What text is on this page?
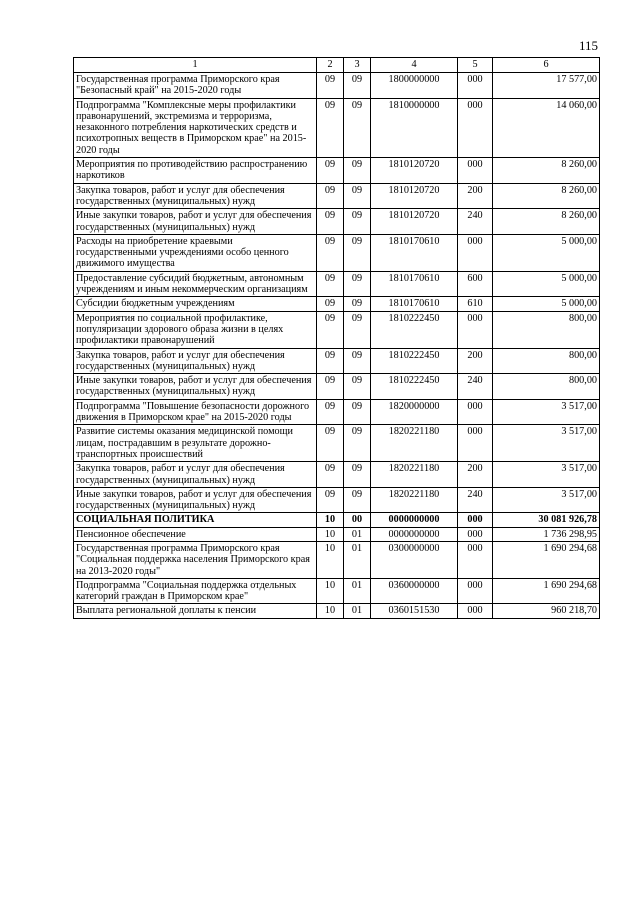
115
1	2	3	4	5	6
Государственная программа Приморского края "Безопасный край" на 2015-2020 годы	09	09	1800000000	000	17 577,00
Подпрограмма "Комплексные меры профилактики правонарушений, экстремизма и терроризма, незаконного потребления наркотических средств и психотропных веществ в Приморском крае" на 2015-2020 годы	09	09	1810000000	000	14 060,00
Мероприятия по противодействию распространению наркотиков	09	09	1810120720	000	8 260,00
Закупка товаров, работ и услуг для обеспечения государственных (муниципальных) нужд	09	09	1810120720	200	8 260,00
Иные закупки товаров, работ и услуг для обеспечения государственных (муниципальных) нужд	09	09	1810120720	240	8 260,00
Расходы на приобретение краевыми государственными учреждениями особо ценного движимого имущества	09	09	1810170610	000	5 000,00
Предоставление субсидий бюджетным, автономным учреждениям и иным некоммерческим организациям	09	09	1810170610	600	5 000,00
Субсидии бюджетным учреждениям	09	09	1810170610	610	5 000,00
Мероприятия по социальной профилактике, популяризации здорового образа жизни в целях профилактики правонарушений	09	09	1810222450	000	800,00
Закупка товаров, работ и услуг для обеспечения государственных (муниципальных) нужд	09	09	1810222450	200	800,00
Иные закупки товаров, работ и услуг для обеспечения государственных (муниципальных) нужд	09	09	1810222450	240	800,00
Подпрограмма "Повышение безопасности дорожного движения в Приморском крае" на 2015-2020 годы	09	09	1820000000	000	3 517,00
Развитие системы оказания медицинской помощи лицам, пострадавшим в результате дорожно-транспортных происшествий	09	09	1820221180	000	3 517,00
Закупка товаров, работ и услуг для обеспечения государственных (муниципальных) нужд	09	09	1820221180	200	3 517,00
Иные закупки товаров, работ и услуг для обеспечения государственных (муниципальных) нужд	09	09	1820221180	240	3 517,00
СОЦИАЛЬНАЯ ПОЛИТИКА	10	00	0000000000	000	30 081 926,78
Пенсионное обеспечение	10	01	0000000000	000	1 736 298,95
Государственная программа Приморского края "Социальная поддержка населения Приморского края на 2013-2020 годы"	10	01	0300000000	000	1 690 294,68
Подпрограмма "Социальная поддержка отдельных категорий граждан в Приморском крае"	10	01	0360000000	000	1 690 294,68
Выплата региональной доплаты к пенсии	10	01	0360151530	000	960 218,70
